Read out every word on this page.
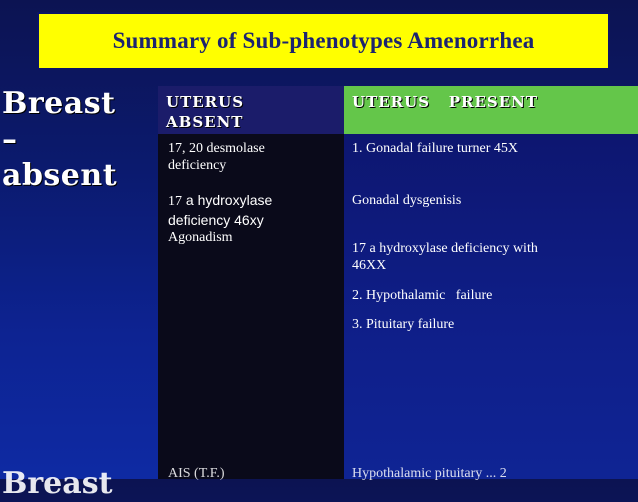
Summary of Sub-phenotypes Amenorrhea
Breast
–
absent
Breast
UTERUS
ABSENT
UTERUS   PRESENT
17, 20 desmolase
deficiency
17 a hydroxylase
deficiency 46xy
Agonadism
1. Gonadal failure turner 45X
Gonadal dysgenisis
17 a hydroxylase deficiency with
46XX
2. Hypothalamic   failure
3. Pituitary failure
AIS (T.F.)	Hypothalamic pituitary ... 2
